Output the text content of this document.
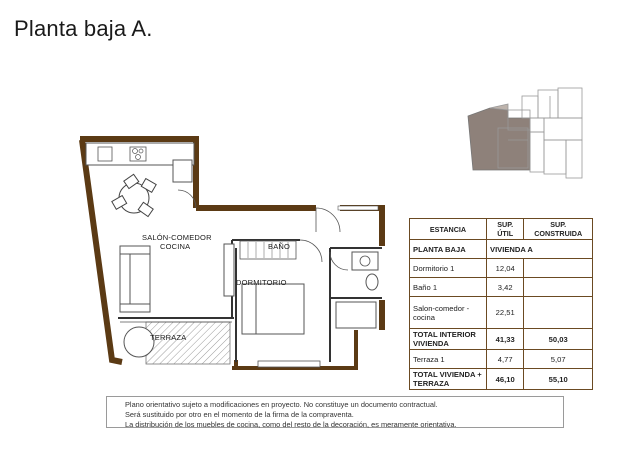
Planta baja A.
SALÓN-COMEDOR
COCINA	BAÑO
DORMITORIO
TERRAZA
ESTANCIA	SUP. ÚTIL	SUP. CONSTRUIDA
PLANTA BAJA	VIVIENDA A	
Dormitorio 1	12,04	
Baño 1	3,42	
Salon-comedor - cocina	22,51	
TOTAL INTERIOR VIVIENDA	41,33	50,03
Terraza 1	4,77	5,07
TOTAL VIVIENDA + TERRAZA	46,10	55,10
Plano orientativo sujeto a modificaciones en proyecto. No constituye un documento contractual.
Será sustituido por otro en el momento de la firma de la compraventa.
La distribución de los muebles de cocina, como del resto de la decoración, es meramente orientativa.
